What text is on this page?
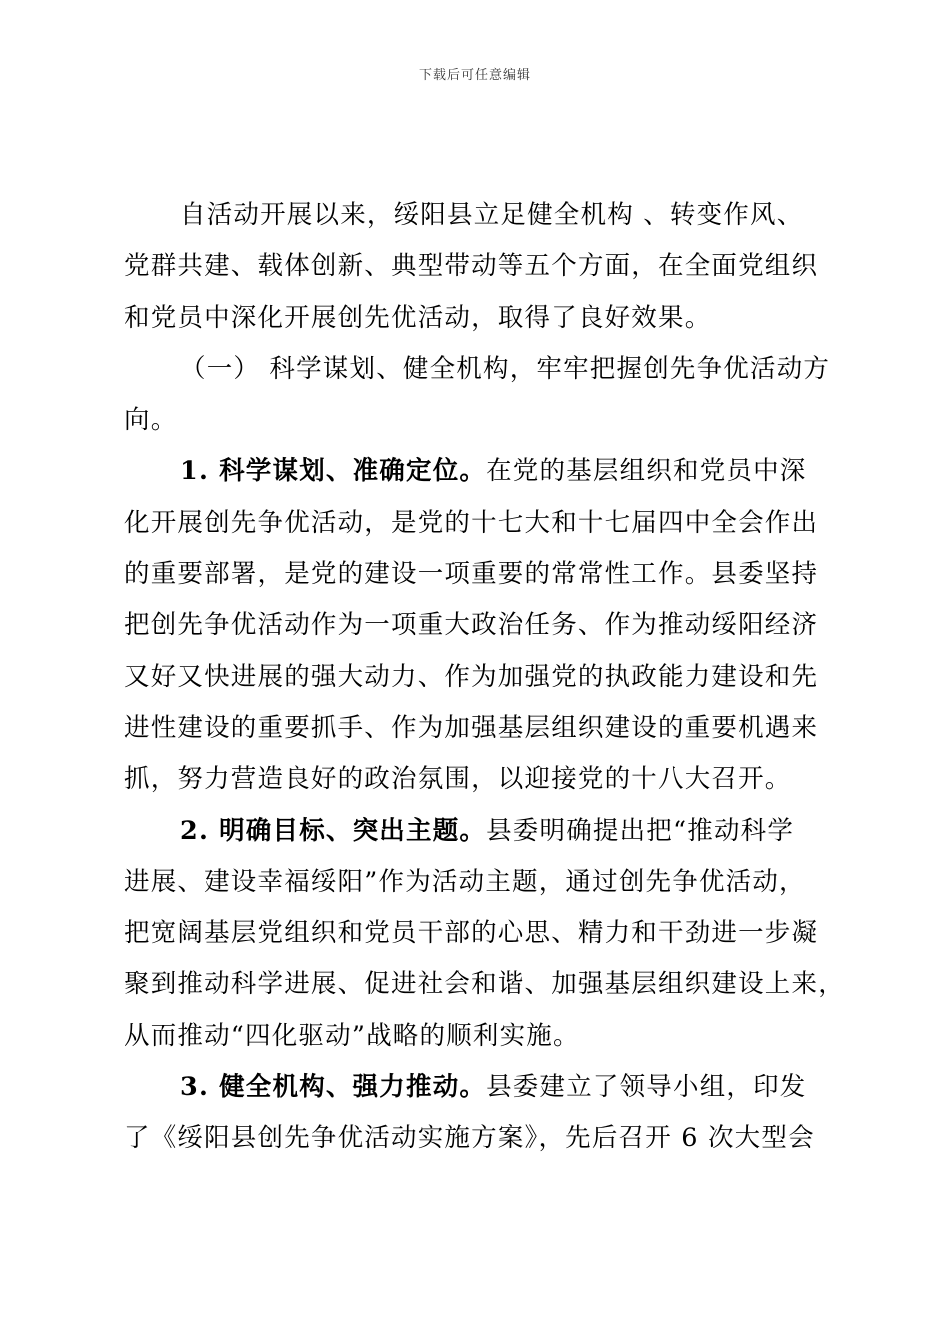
下载后可任意编辑
自活动开展以来，绥阳县立足健全机构 、转变作风、
党群共建、载体创新、典型带动等五个方面，在全面党组织
和党员中深化开展创先优活动，取得了良好效果。
（一） 科学谋划、健全机构，牢牢把握创先争优活动方
向。
1. 科学谋划、准确定位。在党的基层组织和党员中深
化开展创先争优活动，是党的十七大和十七届四中全会作出
的重要部署，是党的建设一项重要的常常性工作。县委坚持
把创先争优活动作为一项重大政治任务、作为推动绥阳经济
又好又快进展的强大动力、作为加强党的执政能力建设和先
进性建设的重要抓手、作为加强基层组织建设的重要机遇来
抓，努力营造良好的政治氛围，以迎接党的十八大召开。
2. 明确目标、突出主题。县委明确提出把“推动科学
进展、建设幸福绥阳”作为活动主题，通过创先争优活动，
把宽阔基层党组织和党员干部的心思、精力和干劲进一步凝
聚到推动科学进展、促进社会和谐、加强基层组织建设上来，
从而推动“四化驱动”战略的顺利实施。
3. 健全机构、强力推动。县委建立了领导小组，印发
了《绥阳县创先争优活动实施方案》，先后召开 6 次大型会
